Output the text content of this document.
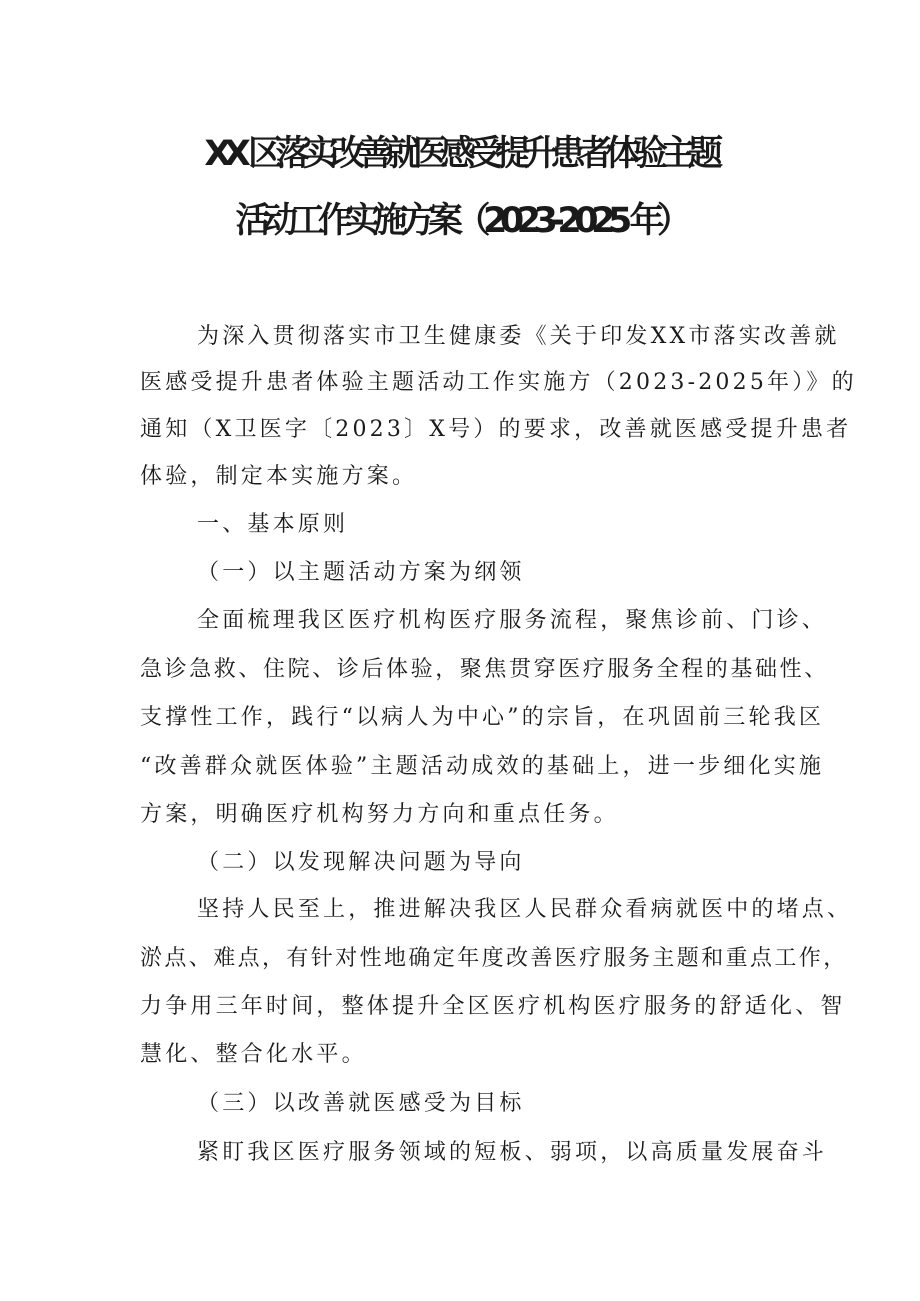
XX 区落实改善就医感受提升患者体验主题
活动工作实施方案（2023-2025 年）
为深入贯彻落实市卫生健康委《关于印发XX市落实改善就
医感受提升患者体验主题活动工作实施方（2023-2025年）》的
通知（X卫医字〔2023〕X号）的要求，改善就医感受提升患者
体验，制定本实施方案。
一、基本原则
（一）以主题活动方案为纲领
全面梳理我区医疗机构医疗服务流程，聚焦诊前、门诊、
急诊急救、住院、诊后体验，聚焦贯穿医疗服务全程的基础性、
支撑性工作，践行“以病人为中心”的宗旨，在巩固前三轮我区
“改善群众就医体验”主题活动成效的基础上，进一步细化实施
方案，明确医疗机构努力方向和重点任务。
（二）以发现解决问题为导向
坚持人民至上，推进解决我区人民群众看病就医中的堵点、
淤点、难点，有针对性地确定年度改善医疗服务主题和重点工作，
力争用三年时间，整体提升全区医疗机构医疗服务的舒适化、智
慧化、整合化水平。
（三）以改善就医感受为目标
紧盯我区医疗服务领域的短板、弱项，以高质量发展奋斗
